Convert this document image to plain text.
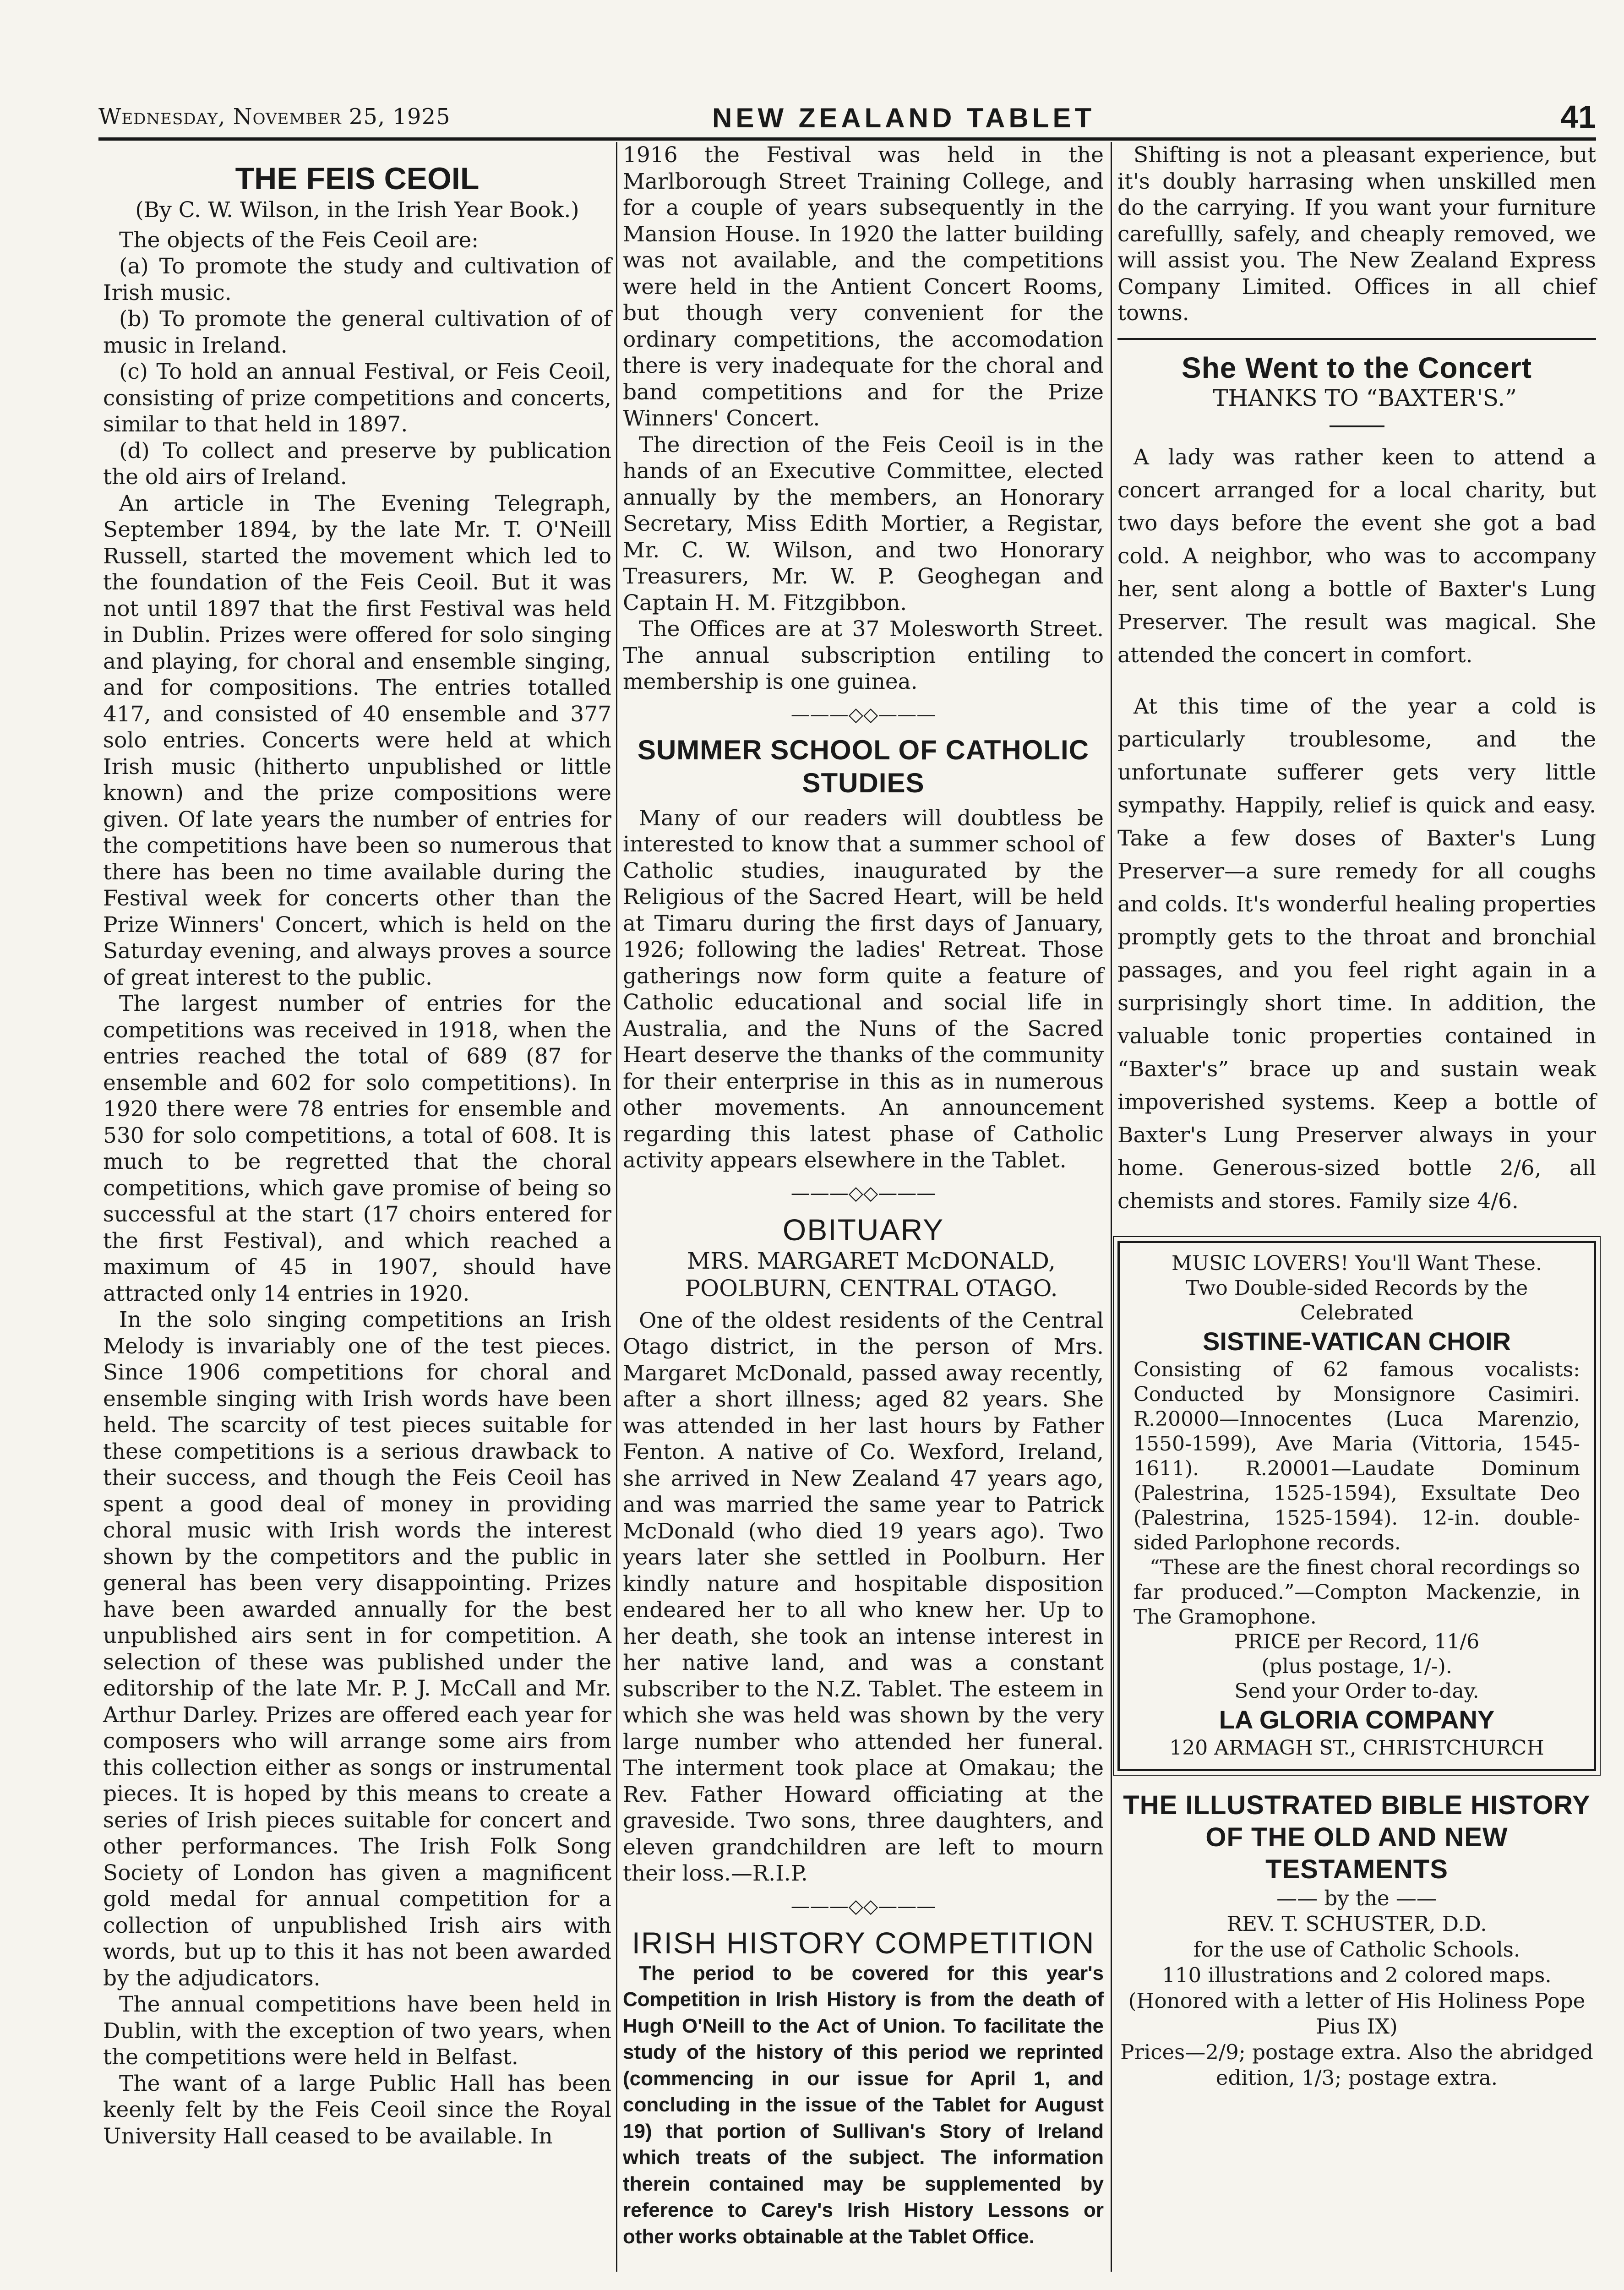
Wednesday, November 25, 1925	NEW ZEALAND TABLET	41
THE FEIS CEOIL

(By C. W. Wilson, in the Irish Year Book.)

The objects of the Feis Ceoil are:

(a) To promote the study and cultivation of Irish music.

(b) To promote the general cultivation of of music in Ireland.

(c) To hold an annual Festival, or Feis Ceoil, consisting of prize competitions and concerts, similar to that held in 1897.

(d) To collect and preserve by publication the old airs of Ireland.

An article in The Evening Telegraph, September 1894, by the late Mr. T. O'Neill Russell, started the movement which led to the foundation of the Feis Ceoil. But it was not until 1897 that the first Festival was held in Dublin. Prizes were offered for solo singing and playing, for choral and ensemble singing, and for compositions. The entries totalled 417, and consisted of 40 ensemble and 377 solo entries. Concerts were held at which Irish music (hitherto unpublished or little known) and the prize compositions were given. Of late years the number of entries for the competitions have been so numerous that there has been no time available during the Festival week for concerts other than the Prize Winners' Concert, which is held on the Saturday evening, and always proves a source of great interest to the public.

The largest number of entries for the competitions was received in 1918, when the entries reached the total of 689 (87 for ensemble and 602 for solo competitions). In 1920 there were 78 entries for ensemble and 530 for solo competitions, a total of 608. It is much to be regretted that the choral competitions, which gave promise of being so successful at the start (17 choirs entered for the first Festival), and which reached a maximum of 45 in 1907, should have attracted only 14 entries in 1920.

In the solo singing competitions an Irish Melody is invariably one of the test pieces. Since 1906 competitions for choral and ensemble singing with Irish words have been held. The scarcity of test pieces suitable for these competitions is a serious drawback to their success, and though the Feis Ceoil has spent a good deal of money in providing choral music with Irish words the interest shown by the competitors and the public in general has been very disappointing. Prizes have been awarded annually for the best unpublished airs sent in for competition. A selection of these was published under the editorship of the late Mr. P. J. McCall and Mr. Arthur Darley. Prizes are offered each year for composers who will arrange some airs from this collection either as songs or instrumental pieces. It is hoped by this means to create a series of Irish pieces suitable for concert and other performances. The Irish Folk Song Society of London has given a magnificent gold medal for annual competition for a collection of unpublished Irish airs with words, but up to this it has not been awarded by the adjudicators.

The annual competitions have been held in Dublin, with the exception of two years, when the competitions were held in Belfast.

The want of a large Public Hall has been keenly felt by the Feis Ceoil since the Royal University Hall ceased to be available. In

1916 the Festival was held in the Marlborough Street Training College, and for a couple of years subsequently in the Mansion House. In 1920 the latter building was not available, and the competitions were held in the Antient Concert Rooms, but though very convenient for the ordinary competitions, the accomodation there is very inadequate for the choral and band competitions and for the Prize Winners' Concert.

The direction of the Feis Ceoil is in the hands of an Executive Committee, elected annually by the members, an Honorary Secretary, Miss Edith Mortier, a Registar, Mr. C. W. Wilson, and two Honorary Treasurers, Mr. W. P. Geoghegan and Captain H. M. Fitzgibbon.

The Offices are at 37 Molesworth Street. The annual subscription entiling to membership is one guinea.

———◇◇———
SUMMER SCHOOL OF CATHOLIC STUDIES

Many of our readers will doubtless be interested to know that a summer school of Catholic studies, inaugurated by the Religious of the Sacred Heart, will be held at Timaru during the first days of January, 1926; following the ladies' Retreat. Those gatherings now form quite a feature of Catholic educational and social life in Australia, and the Nuns of the Sacred Heart deserve the thanks of the community for their enterprise in this as in numerous other movements. An announcement regarding this latest phase of Catholic activity appears elsewhere in the Tablet.

———◇◇———
OBITUARY

MRS. MARGARET McDONALD,

POOLBURN, CENTRAL OTAGO.

One of the oldest residents of the Central Otago district, in the person of Mrs. Margaret McDonald, passed away recently, after a short illness; aged 82 years. She was attended in her last hours by Father Fenton. A native of Co. Wexford, Ireland, she arrived in New Zealand 47 years ago, and was married the same year to Patrick McDonald (who died 19 years ago). Two years later she settled in Poolburn. Her kindly nature and hospitable disposition endeared her to all who knew her. Up to her death, she took an intense interest in her native land, and was a constant subscriber to the N.Z. Tablet. The esteem in which she was held was shown by the very large number who attended her funeral. The interment took place at Omakau; the Rev. Father Howard officiating at the graveside. Two sons, three daughters, and eleven grandchildren are left to mourn their loss.—R.I.P.

———◇◇———
IRISH HISTORY COMPETITION

The period to be covered for this year's Competition in Irish History is from the death of Hugh O'Neill to the Act of Union. To facilitate the study of the history of this period we reprinted (commencing in our issue for April 1, and concluding in the issue of the Tablet for August 19) that portion of Sullivan's Story of Ireland which treats of the subject. The information therein contained may be supplemented by reference to Carey's Irish History Lessons or other works obtainable at the Tablet Office.

Shifting is not a pleasant experience, but it's doubly harrasing when unskilled men do the carrying. If you want your furniture carefullly, safely, and cheaply removed, we will assist you. The New Zealand Express Company Limited. Offices in all chief towns.

She Went to the Concert

THANKS TO “BAXTER'S.”

A lady was rather keen to attend a concert arranged for a local charity, but two days before the event she got a bad cold. A neighbor, who was to accompany her, sent along a bottle of Baxter's Lung Preserver. The result was magical. She attended the concert in comfort.

At this time of the year a cold is particularly troublesome, and the unfortunate sufferer gets very little sympathy. Happily, relief is quick and easy. Take a few doses of Baxter's Lung Preserver—a sure remedy for all coughs and colds. It's wonderful healing properties promptly gets to the throat and bronchial passages, and you feel right again in a surprisingly short time. In addition, the valuable tonic properties contained in “Baxter's” brace up and sustain weak impoverished systems. Keep a bottle of Baxter's Lung Preserver always in your home. Generous-sized bottle 2/6, all chemists and stores. Family size 4/6.

MUSIC LOVERS! You'll Want These.

Two Double-sided Records by the Celebrated

SISTINE-VATICAN CHOIR

Consisting of 62 famous vocalists: Conducted by Monsignore Casimiri. R.20000—Innocentes (Luca Marenzio, 1550-1599), Ave Maria (Vittoria, 1545-1611). R.20001—Laudate Dominum (Palestrina, 1525-1594), Exsultate Deo (Palestrina, 1525-1594). 12-in. double-sided Parlophone records.

“These are the finest choral recordings so far produced.”—Compton Mackenzie, in The Gramophone.

PRICE per Record, 11/6

(plus postage, 1/-).

Send your Order to-day.

LA GLORIA COMPANY

120 ARMAGH ST., CHRISTCHURCH

THE ILLUSTRATED BIBLE HISTORY OF THE OLD AND NEW TESTAMENTS

—— by the ——

REV. T. SCHUSTER, D.D.

for the use of Catholic Schools.

110 illustrations and 2 colored maps.

(Honored with a letter of His Holiness Pope Pius IX)

Prices—2/9; postage extra. Also the abridged edition, 1/3; postage extra.
